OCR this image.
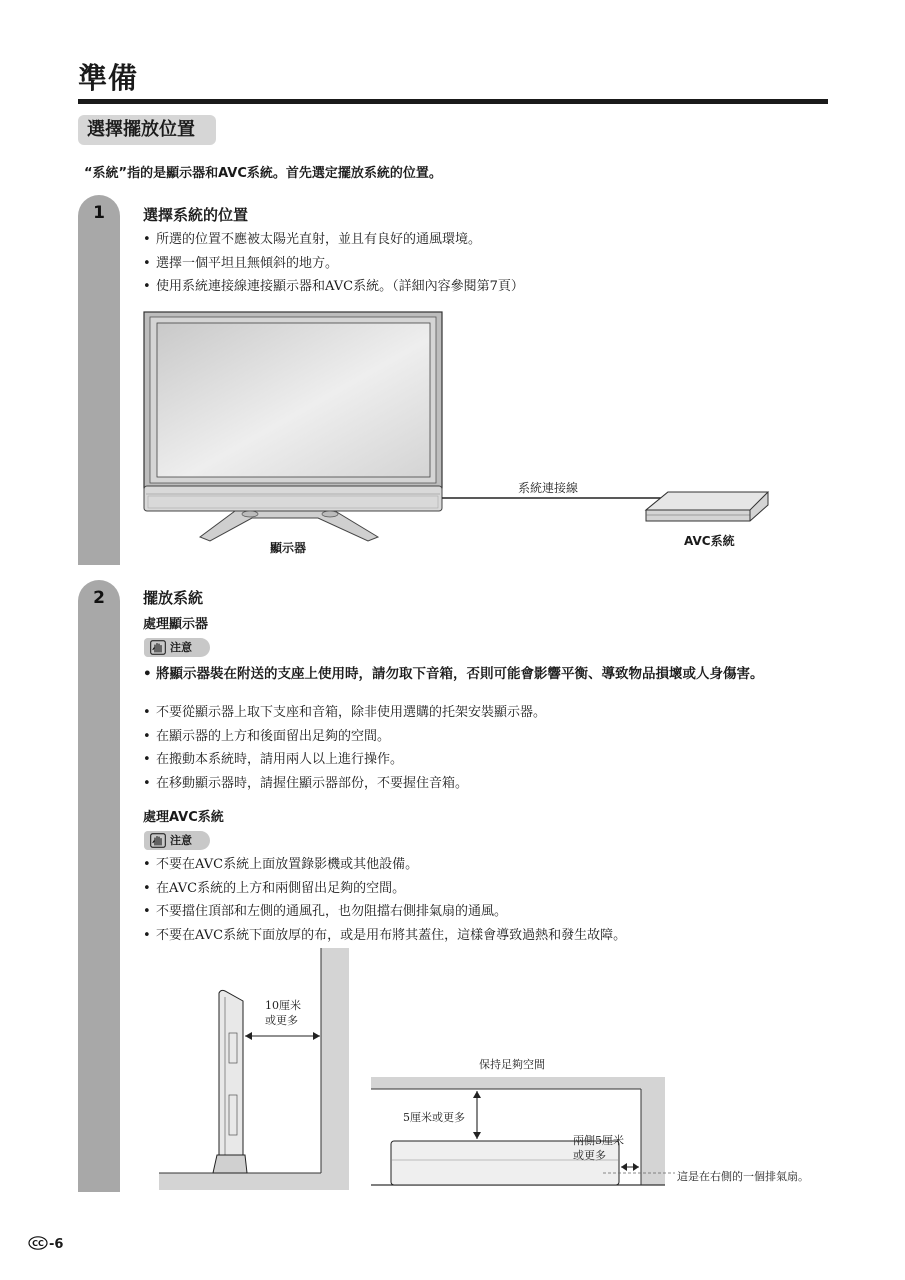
準備
選擇擺放位置
“系統”指的是顯示器和AVC系統。首先選定擺放系統的位置。
1	選擇系統的位置
• 所選的位置不應被太陽光直射，並且有良好的通風環境。
• 選擇一個平坦且無傾斜的地方。
• 使用系統連接線連接顯示器和AVC系統。（詳細內容參閱第7頁）
顯示器
系統連接線
AVC系統
2	擺放系統
處理顯示器
注意
• 將顯示器裝在附送的支座上使用時，請勿取下音箱，否則可能會影響平衡、導致物品損壞或人身傷害。
• 不要從顯示器上取下支座和音箱，除非使用選購的托架安裝顯示器。
• 在顯示器的上方和後面留出足夠的空間。
• 在搬動本系統時，請用兩人以上進行操作。
• 在移動顯示器時，請握住顯示器部份，不要握住音箱。
處理AVC系統
注意
• 不要在AVC系統上面放置錄影機或其他設備。
• 在AVC系統的上方和兩側留出足夠的空間。
• 不要擋住頂部和左側的通風孔，也勿阻擋右側排氣扇的通風。
• 不要在AVC系統下面放厚的布，或是用布將其蓋住，這樣會導致過熱和發生故障。
10厘米
或更多
保持足夠空間
5厘米或更多
兩側5厘米
或更多
這是在右側的一個排氣扇。
CC -6
